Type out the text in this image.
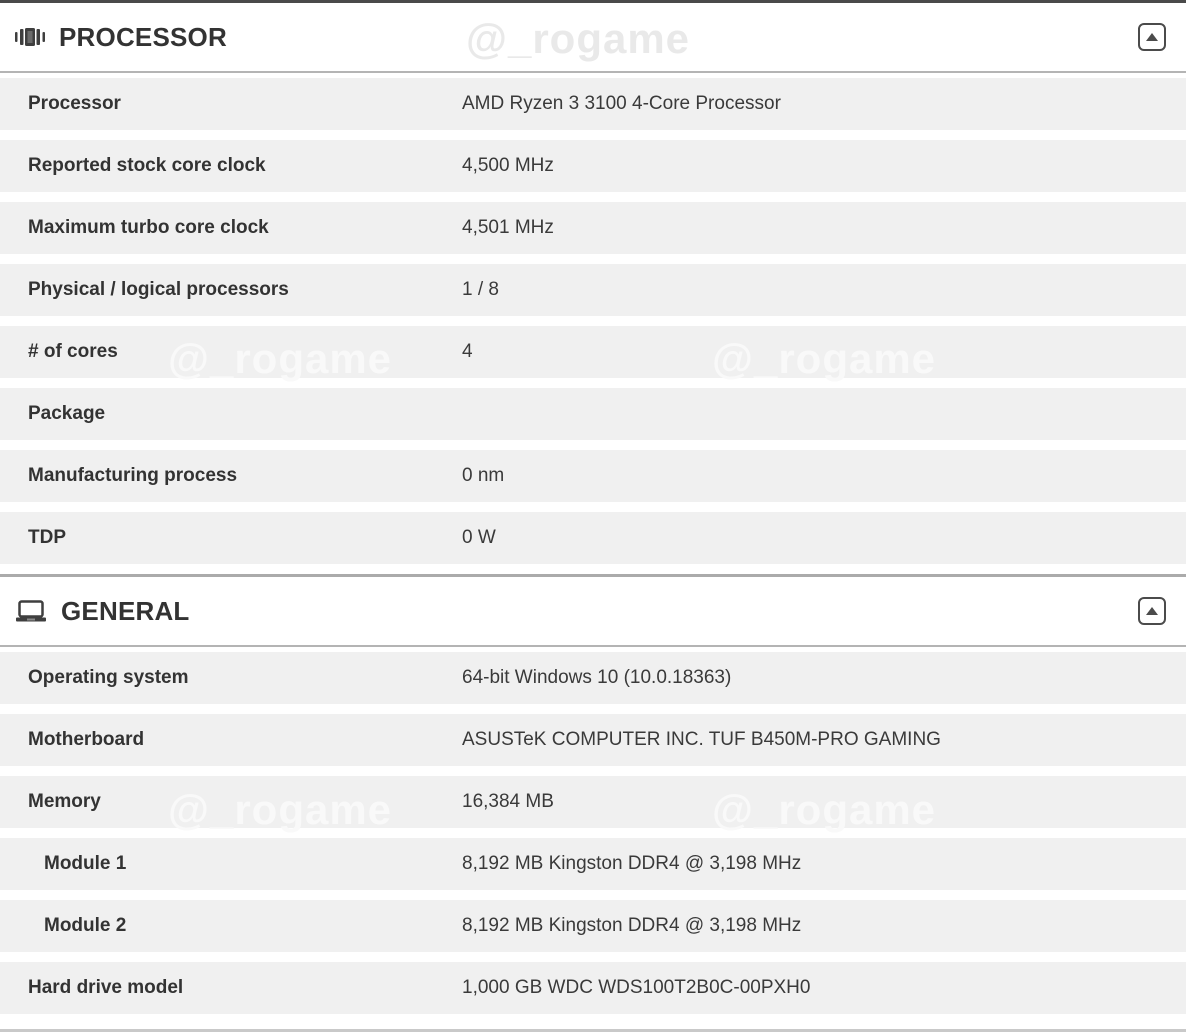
PROCESSOR
Processor	AMD Ryzen 3 3100 4-Core Processor
Reported stock core clock	4,500 MHz
Maximum turbo core clock	4,501 MHz
Physical / logical processors	1 / 8
# of cores	4
Package
Manufacturing process	0 nm
TDP	0 W
GENERAL
Operating system	64-bit Windows 10 (10.0.18363)
Motherboard	ASUSTeK COMPUTER INC. TUF B450M-PRO GAMING
Memory	16,384 MB
Module 1	8,192 MB Kingston DDR4 @ 3,198 MHz
Module 2	8,192 MB Kingston DDR4 @ 3,198 MHz
Hard drive model	1,000 GB WDC WDS100T2B0C-00PXH0
@_rogame
@_rogame	@_rogame
@_rogame	@_rogame
